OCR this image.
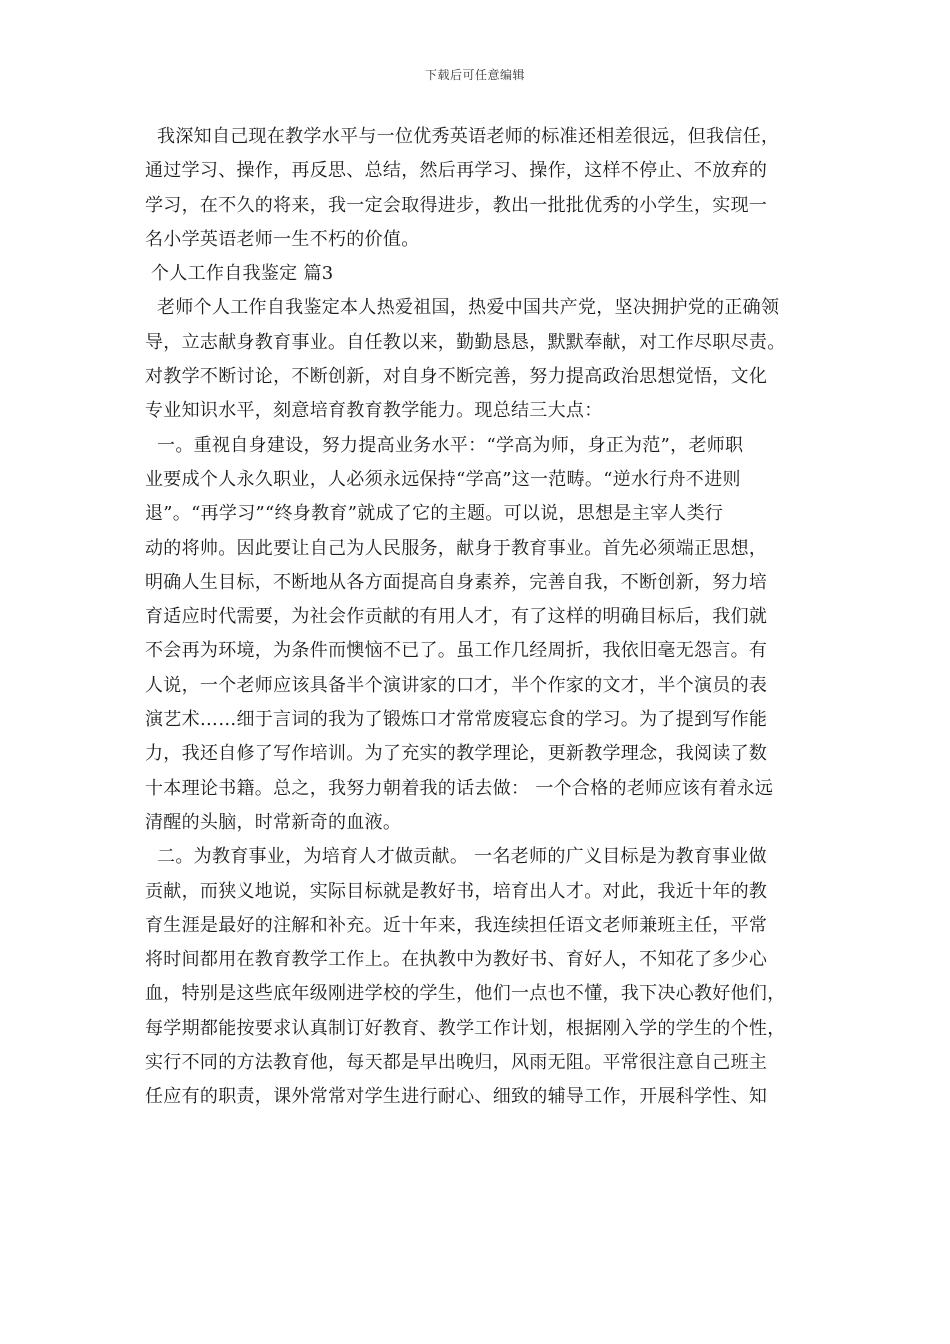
下载后可任意编辑
我深知自己现在教学水平与一位优秀英语老师的标准还相差很远，但我信任，
通过学习、操作，再反思、总结，然后再学习、操作，这样不停止、不放弃的
学习，在不久的将来，我一定会取得进步，教出一批批优秀的小学生，实现一
名小学英语老师一生不朽的价值。
个人工作自我鉴定 篇3
老师个人工作自我鉴定本人热爱祖国，热爱中国共产党，坚决拥护党的正确领
导，立志献身教育事业。自任教以来，勤勤恳恳，默默奉献，对工作尽职尽责。
对教学不断讨论，不断创新，对自身不断完善，努力提高政治思想觉悟，文化
专业知识水平，刻意培育教育教学能力。现总结三大点：
一。重视自身建设，努力提高业务水平：“学高为师，身正为范”，老师职
业要成个人永久职业，人必须永远保持“学高”这一范畴。“逆水行舟不进则
退”。“再学习”“终身教育”就成了它的主题。可以说，思想是主宰人类行
动的将帅。因此要让自己为人民服务，献身于教育事业。首先必须端正思想，
明确人生目标，不断地从各方面提高自身素养，完善自我，不断创新，努力培
育适应时代需要，为社会作贡献的有用人才，有了这样的明确目标后，我们就
不会再为环境，为条件而懊恼不已了。虽工作几经周折，我依旧毫无怨言。有
人说，一个老师应该具备半个演讲家的口才，半个作家的文才，半个演员的表
演艺术……细于言词的我为了锻炼口才常常废寝忘食的学习。为了提到写作能
力，我还自修了写作培训。为了充实的教学理论，更新教学理念，我阅读了数
十本理论书籍。总之，我努力朝着我的话去做： 一个合格的老师应该有着永远
清醒的头脑，时常新奇的血液。
二。为教育事业，为培育人才做贡献。 一名老师的广义目标是为教育事业做
贡献，而狭义地说，实际目标就是教好书，培育出人才。对此，我近十年的教
育生涯是最好的注解和补充。近十年来，我连续担任语文老师兼班主任，平常
将时间都用在教育教学工作上。在执教中为教好书、育好人，不知花了多少心
血，特别是这些底年级刚进学校的学生，他们一点也不懂，我下决心教好他们，
每学期都能按要求认真制订好教育、教学工作计划，根据刚入学的学生的个性，
实行不同的方法教育他，每天都是早出晚归，风雨无阻。平常很注意自己班主
任应有的职责，课外常常对学生进行耐心、细致的辅导工作，开展科学性、知
